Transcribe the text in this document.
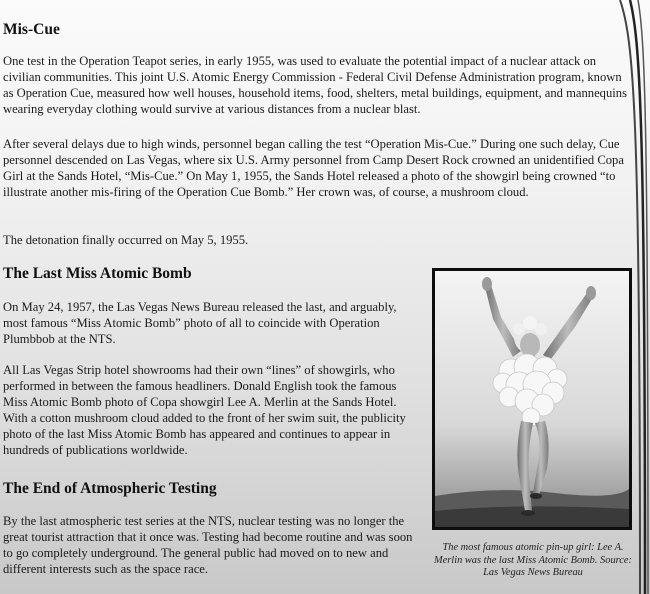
Mis-Cue

One test in the Operation Teapot series, in early 1955, was used to evaluate the potential impact of a nuclear attack on civilian communities. This joint U.S. Atomic Energy Commission - Federal Civil Defense Administration program, known as Operation Cue, measured how well houses, household items, food, shelters, metal buildings, equipment, and mannequins wearing everyday clothing would survive at various distances from a nuclear blast.

After several delays due to high winds, personnel began calling the test “Operation Mis-Cue.” During one such delay, Cue personnel descended on Las Vegas, where six U.S. Army personnel from Camp Desert Rock crowned an unidentified Copa Girl at the Sands Hotel, “Mis-Cue.” On May 1, 1955, the Sands Hotel released a photo of the showgirl being crowned “to illustrate another mis-firing of the Operation Cue Bomb.” Her crown was, of course, a mushroom cloud.

The detonation finally occurred on May 5, 1955.

The Last Miss Atomic Bomb

On May 24, 1957, the Las Vegas News Bureau released the last, and arguably, most famous “Miss Atomic Bomb” photo of all to coincide with Operation Plumbbob at the NTS.

All Las Vegas Strip hotel showrooms had their own “lines” of showgirls, who performed in between the famous headliners. Donald English took the famous Miss Atomic Bomb photo of Copa showgirl Lee A. Merlin at the Sands Hotel. With a cotton mushroom cloud added to the front of her swim suit, the publicity photo of the last Miss Atomic Bomb has appeared and continues to appear in hundreds of publications worldwide.

The End of Atmospheric Testing

By the last atmospheric test series at the NTS, nuclear testing was no longer the great tourist attraction that it once was. Testing had become routine and was soon to go completely underground. The general public had moved on to new and different interests such as the space race.

The most famous atomic pin-up girl: Lee A. Merlin was the last Miss Atomic Bomb. Source: Las Vegas News Bureau
